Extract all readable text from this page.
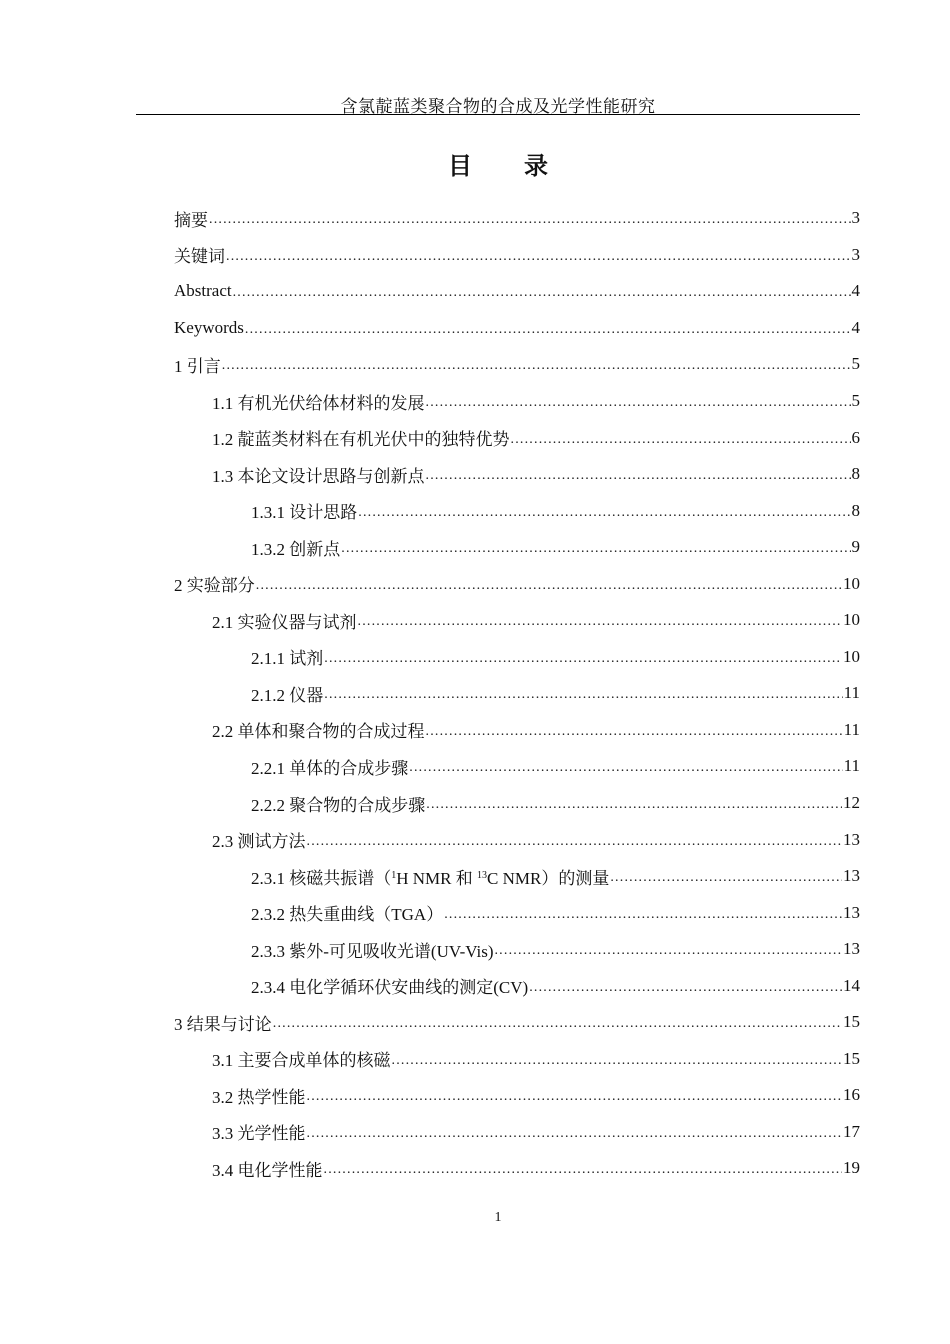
含氯靛蓝类聚合物的合成及光学性能研究
目 录
摘要 .....	3
关键词 .....	3
Abstract .....	4
Keywords .....	4
1 引言 .....	5
1.1 有机光伏给体材料的发展 .....	5
1.2 靛蓝类材料在有机光伏中的独特优势 .....	6
1.3 本论文设计思路与创新点 .....	8
1.3.1 设计思路 .....	8
1.3.2 创新点 .....	9
2 实验部分 .....	10
2.1 实验仪器与试剂 .....	10
2.1.1 试剂 .....	10
2.1.2 仪器 .....	11
2.2 单体和聚合物的合成过程 .....	11
2.2.1 单体的合成步骤 .....	11
2.2.2 聚合物的合成步骤 .....	12
2.3 测试方法 .....	13
2.3.1 核磁共振谱（$^1$H NMR 和 $^{13}$C NMR）的测量 .....	13
2.3.2 热失重曲线（TGA） .....	13
2.3.3 紫外-可见吸收光谱(UV-Vis) .....	13
2.3.4 电化学循环伏安曲线的测定(CV) .....	14
3 结果与讨论 .....	15
3.1 主要合成单体的核磁 .....	15
3.2 热学性能 .....	16
3.3 光学性能 .....	17
3.4 电化学性能 .....	19
1
